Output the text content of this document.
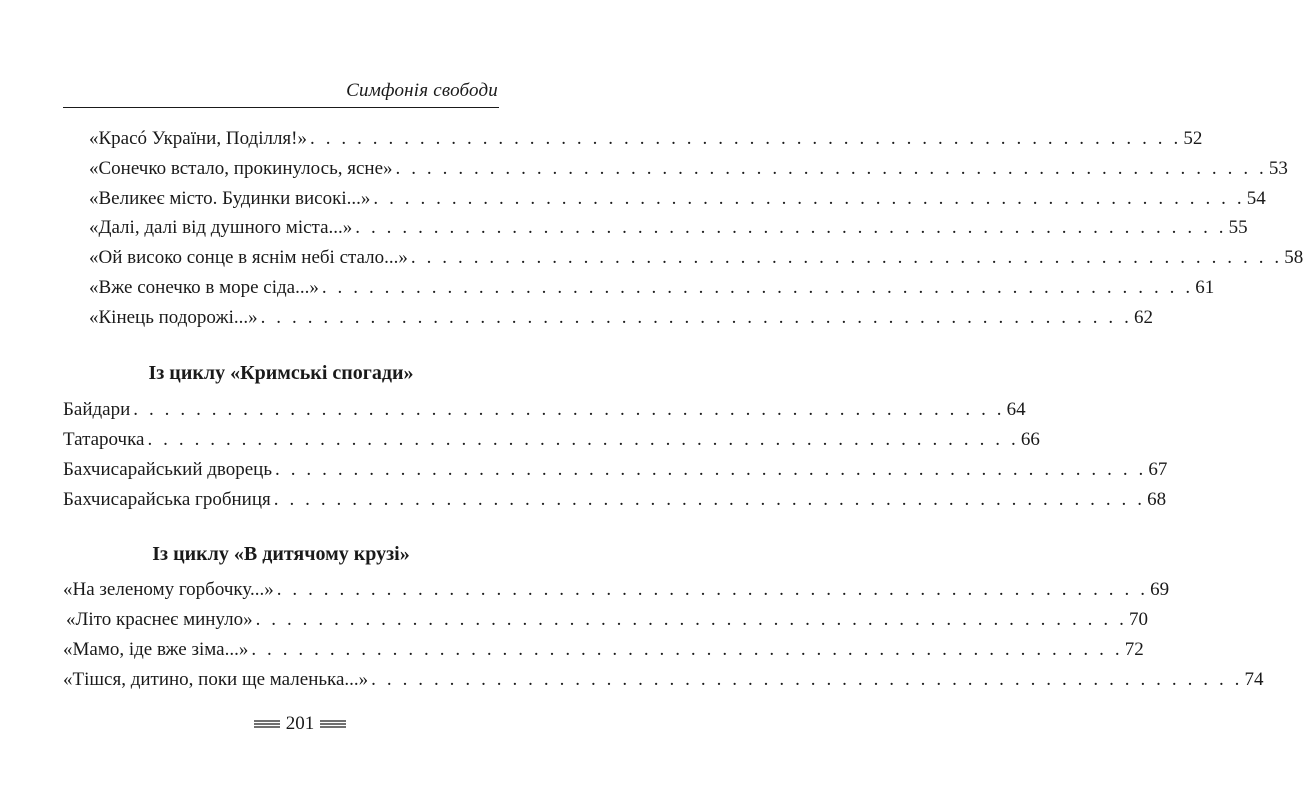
Симфонія свободи
«Красó України, Поділля!» . . . . . . . . . . . . . . . . . . . . . . . . . . . . . . . . . . . . . . . . . . . . . . . . . . . . . . . . 52
«Сонечко встало, прокинулось, ясне» . . . . . . . . . . . . . . . . . . . . . . . . . . . . . . . . . . . . . . . . . . . . . . . . . . . . . . . . 53
«Великеє місто. Будинки високі...» . . . . . . . . . . . . . . . . . . . . . . . . . . . . . . . . . . . . . . . . . . . . . . . . . . . . . . . . 54
«Далі, далі від душного міста...» . . . . . . . . . . . . . . . . . . . . . . . . . . . . . . . . . . . . . . . . . . . . . . . . . . . . . . . . 55
«Ой високо сонце в яснім небі стало...» . . . . . . . . . . . . . . . . . . . . . . . . . . . . . . . . . . . . . . . . . . . . . . . . . . . . . . . . 58
«Вже сонечко в море сіда...» . . . . . . . . . . . . . . . . . . . . . . . . . . . . . . . . . . . . . . . . . . . . . . . . . . . . . . . . 61
«Кінець подорожі...» . . . . . . . . . . . . . . . . . . . . . . . . . . . . . . . . . . . . . . . . . . . . . . . . . . . . . . . . 62
Із циклу «Кримські спогади»
Байдари . . . . . . . . . . . . . . . . . . . . . . . . . . . . . . . . . . . . . . . . . . . . . . . . . . . . . . . . 64
Татарочка . . . . . . . . . . . . . . . . . . . . . . . . . . . . . . . . . . . . . . . . . . . . . . . . . . . . . . . . 66
Бахчисарайський дворець . . . . . . . . . . . . . . . . . . . . . . . . . . . . . . . . . . . . . . . . . . . . . . . . . . . . . . . . 67
Бахчисарайська гробниця . . . . . . . . . . . . . . . . . . . . . . . . . . . . . . . . . . . . . . . . . . . . . . . . . . . . . . . . 68
Із циклу «В дитячому крузі»
«На зеленому горбочку...» . . . . . . . . . . . . . . . . . . . . . . . . . . . . . . . . . . . . . . . . . . . . . . . . . . . . . . . . 69
«Літо краснеє минуло» . . . . . . . . . . . . . . . . . . . . . . . . . . . . . . . . . . . . . . . . . . . . . . . . . . . . . . . . 70
«Мамо, іде вже зіма...» . . . . . . . . . . . . . . . . . . . . . . . . . . . . . . . . . . . . . . . . . . . . . . . . . . . . . . . . 72
«Тішся, дитино, поки ще маленька...» . . . . . . . . . . . . . . . . . . . . . . . . . . . . . . . . . . . . . . . . . . . . . . . . . . . . . . . . 74
201
